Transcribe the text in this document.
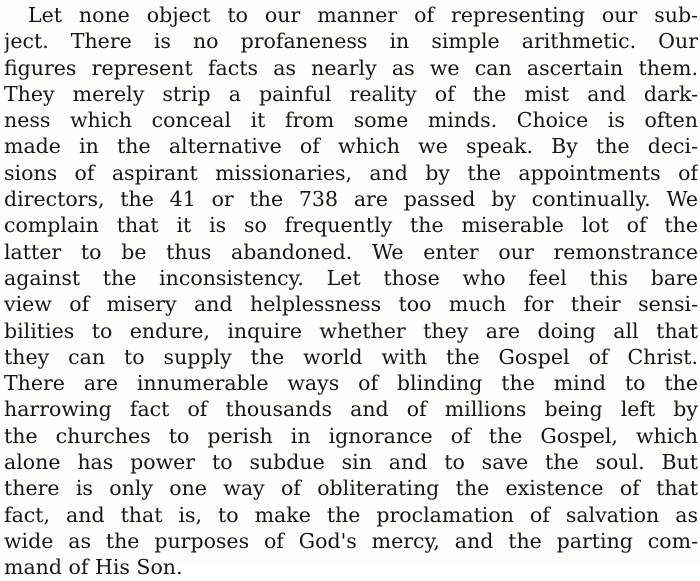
Let none object to our manner of representing our sub-
ject. There is no profaneness in simple arithmetic. Our
figures represent facts as nearly as we can ascertain them.
They merely strip a painful reality of the mist and dark-
ness which conceal it from some minds. Choice is often
made in the alternative of which we speak. By the deci-
sions of aspirant missionaries, and by the appointments of
directors, the 41 or the 738 are passed by continually. We
complain that it is so frequently the miserable lot of the
latter to be thus abandoned. We enter our remonstrance
against the inconsistency. Let those who feel this bare
view of misery and helplessness too much for their sensi-
bilities to endure, inquire whether they are doing all that
they can to supply the world with the Gospel of Christ.
There are innumerable ways of blinding the mind to the
harrowing fact of thousands and of millions being left by
the churches to perish in ignorance of the Gospel, which
alone has power to subdue sin and to save the soul. But
there is only one way of obliterating the existence of that
fact, and that is, to make the proclamation of salvation as
wide as the purposes of God's mercy, and the parting com-
mand of His Son.
